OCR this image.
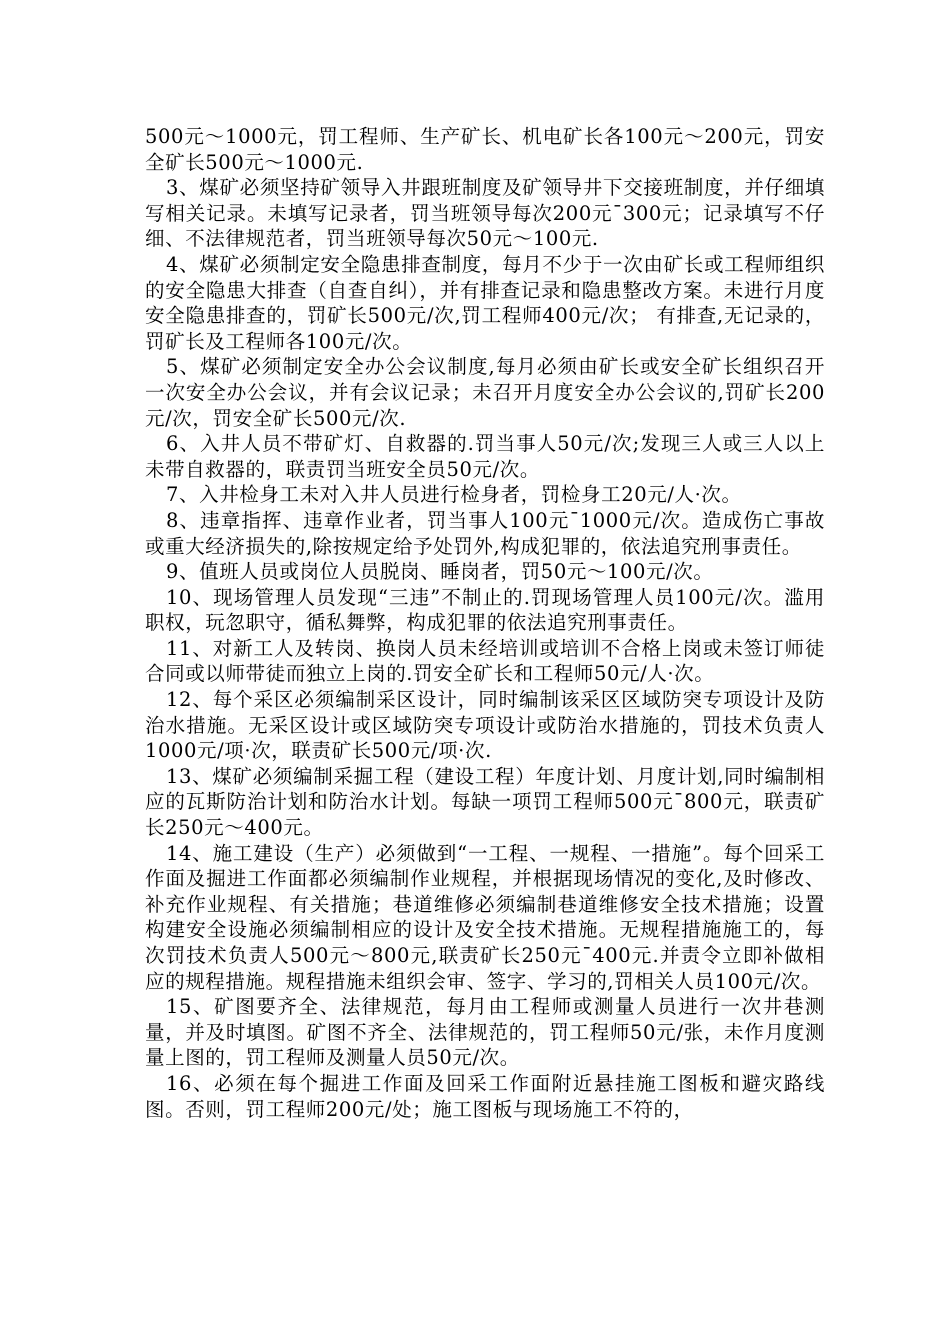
500元～1000元，罚工程师、生产矿长、机电矿长各100元～200元，罚安全矿长500元～1000元.

3、煤矿必须坚持矿领导入井跟班制度及矿领导井下交接班制度，并仔细填写相关记录。未填写记录者，罚当班领导每次200元¯300元；记录填写不仔细、不法律规范者，罚当班领导每次50元～100元.

4、煤矿必须制定安全隐患排查制度，每月不少于一次由矿长或工程师组织的安全隐患大排查（自查自纠），并有排查记录和隐患整改方案。未进行月度安全隐患排查的，罚矿长500元/次,罚工程师400元/次； 有排查,无记录的，罚矿长及工程师各100元/次。

5、煤矿必须制定安全办公会议制度,每月必须由矿长或安全矿长组织召开一次安全办公会议，并有会议记录；未召开月度安全办公会议的,罚矿长200元/次，罚安全矿长500元/次.

6、入井人员不带矿灯、自救器的.罚当事人50元/次;发现三人或三人以上未带自救器的，联责罚当班安全员50元/次。

7、入井检身工未对入井人员进行检身者，罚检身工20元/人·次。

8、违章指挥、违章作业者，罚当事人100元¯1000元/次。造成伤亡事故或重大经济损失的,除按规定给予处罚外,构成犯罪的，依法追究刑事责任。

9、值班人员或岗位人员脱岗、睡岗者，罚50元～100元/次。

10、现场管理人员发现“三违”不制止的.罚现场管理人员100元/次。滥用职权，玩忽职守，循私舞弊，构成犯罪的依法追究刑事责任。

11、对新工人及转岗、换岗人员未经培训或培训不合格上岗或未签订师徒合同或以师带徒而独立上岗的.罚安全矿长和工程师50元/人·次。

12、每个采区必须编制采区设计，同时编制该采区区域防突专项设计及防治水措施。无采区设计或区域防突专项设计或防治水措施的，罚技术负责人1000元/项·次，联责矿长500元/项·次.

13、煤矿必须编制采掘工程（建设工程）年度计划、月度计划,同时编制相应的瓦斯防治计划和防治水计划。每缺一项罚工程师500元¯800元，联责矿长250元～400元。

14、施工建设（生产）必须做到“一工程、一规程、一措施”。每个回采工作面及掘进工作面都必须编制作业规程，并根据现场情况的变化,及时修改、补充作业规程、有关措施；巷道维修必须编制巷道维修安全技术措施；设置构建安全设施必须编制相应的设计及安全技术措施。无规程措施施工的，每次罚技术负责人500元～800元,联责矿长250元¯400元.并责令立即补做相应的规程措施。规程措施未组织会审、签字、学习的,罚相关人员100元/次。

15、矿图要齐全、法律规范，每月由工程师或测量人员进行一次井巷测量，并及时填图。矿图不齐全、法律规范的，罚工程师50元/张，未作月度测量上图的，罚工程师及测量人员50元/次。

16、必须在每个掘进工作面及回采工作面附近悬挂施工图板和避灾路线图。否则，罚工程师200元/处；施工图板与现场施工不符的，
